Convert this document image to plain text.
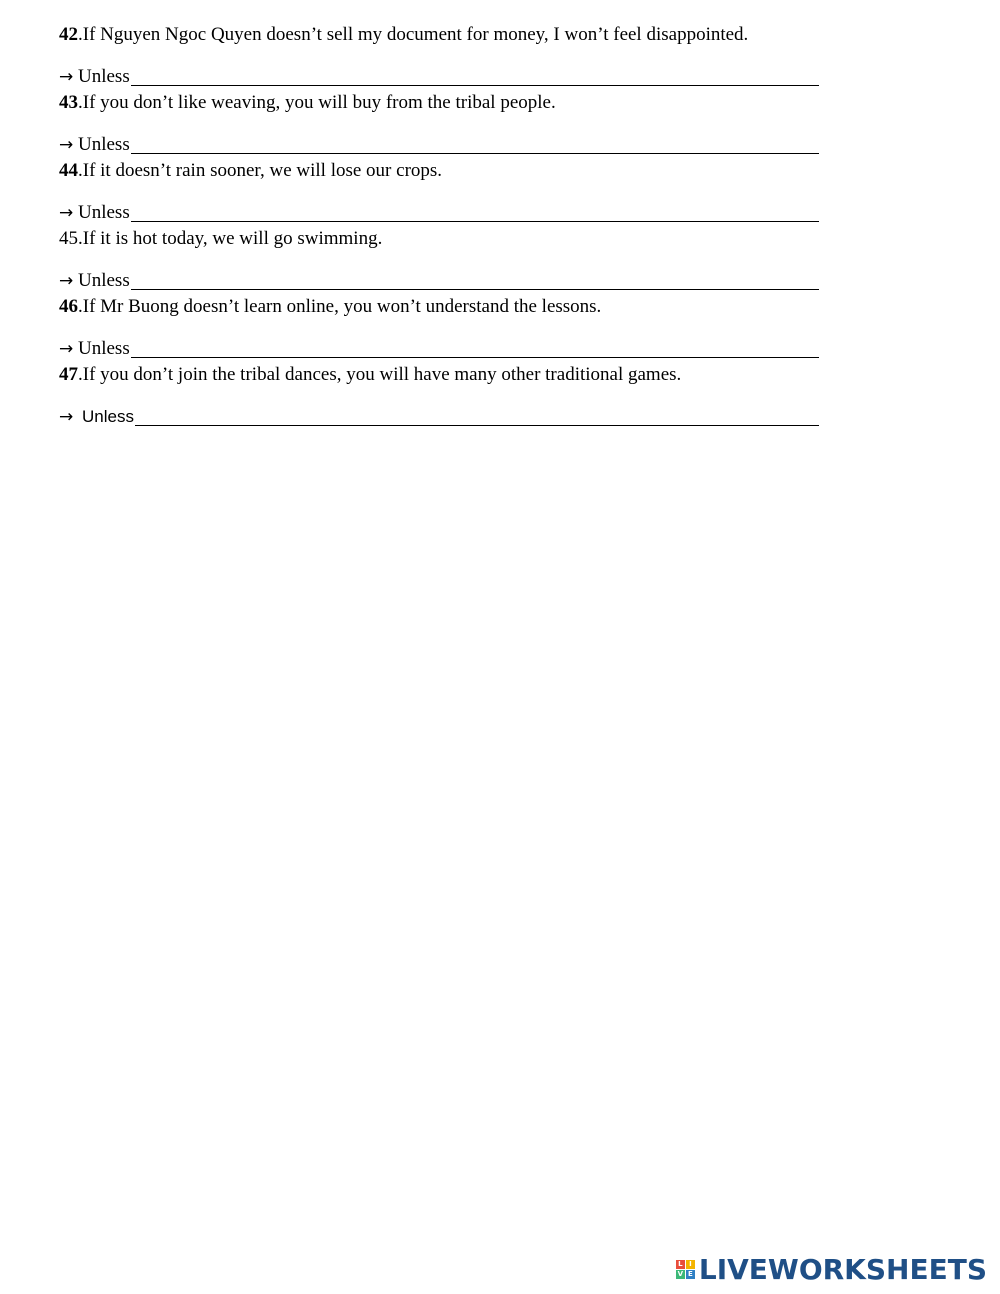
42.If Nguyen Ngoc Quyen doesn’t sell my document for money, I won’t feel disappointed.
→ Unless
43.If you don’t like weaving, you will buy from the tribal people.
→ Unless
44.If it doesn’t rain sooner, we will lose our crops.
→ Unless
45.If it is hot today, we will go swimming.
→ Unless
46.If Mr Buong doesn’t learn online, you won’t understand the lessons.
→ Unless
47.If you don’t join the tribal dances, you will have many other traditional games.
→ Unless
L I
V E LIVEWORKSHEETS
